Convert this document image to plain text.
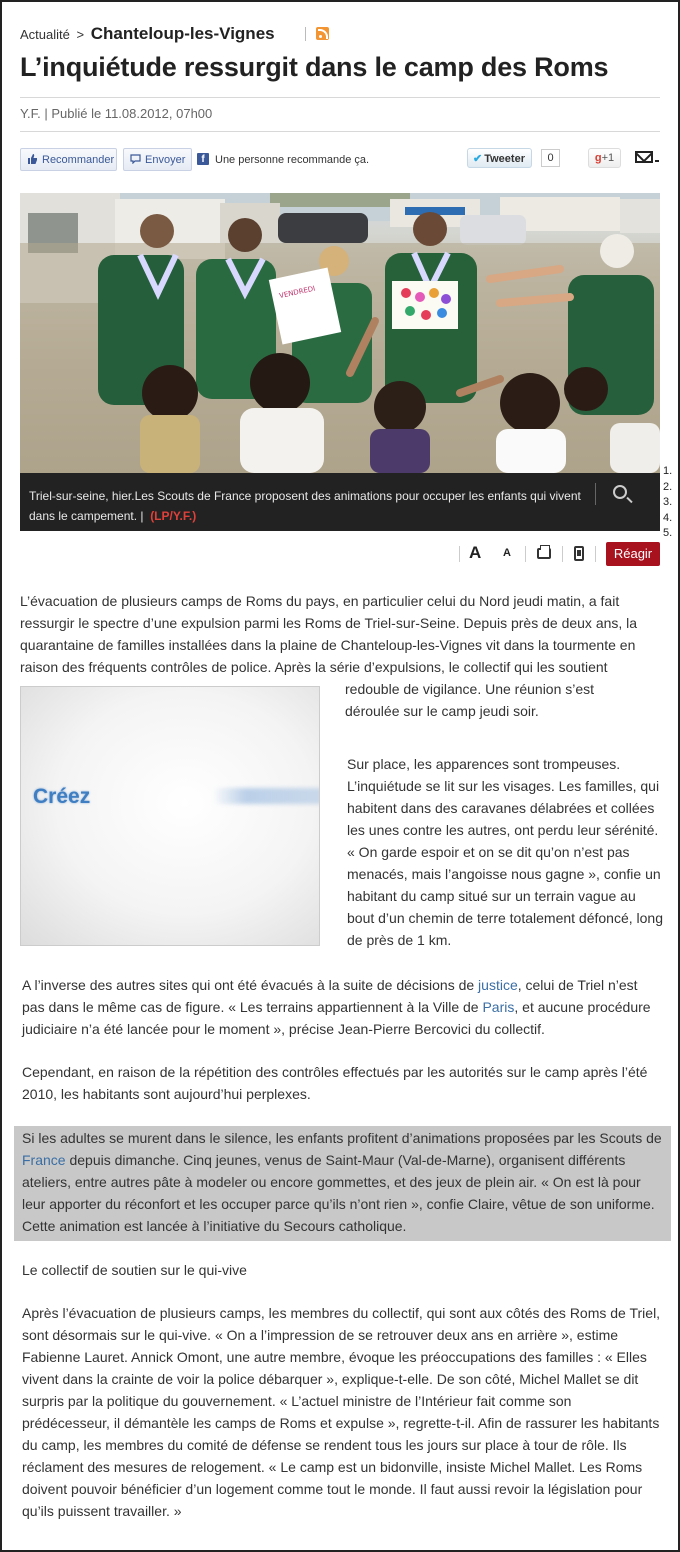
Actualité > Chanteloup-les-Vignes
L’inquiétude ressurgit dans le camp des Roms
Y.F. | Publié le 11.08.2012, 07h00
Recommander	Envoyer	f Une personne recommande ça.	✔ Tweeter	0	g+1
VENDREDI
Triel-sur-seine, hier.Les Scouts de France proposent des animations pour occuper les enfants qui vivent dans le campement. | (LP/Y.F.)
1.
2.
3.
4.
5.
A A	Réagir
L’évacuation de plusieurs camps de Roms du pays, en particulier celui du Nord jeudi matin, a fait ressurgir le spectre d’une expulsion parmi les Roms de Triel-sur-Seine. Depuis près de deux ans, la quarantaine de familles installées dans la plaine de Chanteloup-les-Vignes vit dans la tourmente en raison des fréquents contrôles de police. Après la série d’expulsions, le collectif qui les soutient
redouble de vigilance. Une réunion s’est déroulée sur le camp jeudi soir.
Créez
Sur place, les apparences sont trompeuses. L’inquiétude se lit sur les visages. Les familles, qui habitent dans des caravanes délabrées et collées les unes contre les autres, ont perdu leur sérénité. « On garde espoir et on se dit qu’on n’est pas menacés, mais l’angoisse nous gagne », confie un habitant du camp situé sur un terrain vague au bout d’un chemin de terre totalement défoncé, long de près de 1 km.
A l’inverse des autres sites qui ont été évacués à la suite de décisions de justice, celui de Triel n’est pas dans le même cas de figure. « Les terrains appartiennent à la Ville de Paris, et aucune procédure judiciaire n’a été lancée pour le moment », précise Jean-Pierre Bercovici du collectif.
Cependant, en raison de la répétition des contrôles effectués par les autorités sur le camp après l’été 2010, les habitants sont aujourd’hui perplexes.
Si les adultes se murent dans le silence, les enfants profitent d’animations proposées par les Scouts de France depuis dimanche. Cinq jeunes, venus de Saint-Maur (Val-de-Marne), organisent différents ateliers, entre autres pâte à modeler ou encore gommettes, et des jeux de plein air. « On est là pour leur apporter du réconfort et les occuper parce qu’ils n’ont rien », confie Claire, vêtue de son uniforme. Cette animation est lancée à l’initiative du Secours catholique.
Le collectif de soutien sur le qui-vive
Après l’évacuation de plusieurs camps, les membres du collectif, qui sont aux côtés des Roms de Triel, sont désormais sur le qui-vive. « On a l’impression de se retrouver deux ans en arrière », estime Fabienne Lauret. Annick Omont, une autre membre, évoque les préoccupations des familles : « Elles vivent dans la crainte de voir la police débarquer », explique-t-elle. De son côté, Michel Mallet se dit surpris par la politique du gouvernement. « L’actuel ministre de l’Intérieur fait comme son prédécesseur, il démantèle les camps de Roms et expulse », regrette-t-il. Afin de rassurer les habitants du camp, les membres du comité de défense se rendent tous les jours sur place à tour de rôle. Ils réclament des mesures de relogement. « Le camp est un bidonville, insiste Michel Mallet. Les Roms doivent pouvoir bénéficier d’un logement comme tout le monde. Il faut aussi revoir la législation pour qu’ils puissent travailler. »
